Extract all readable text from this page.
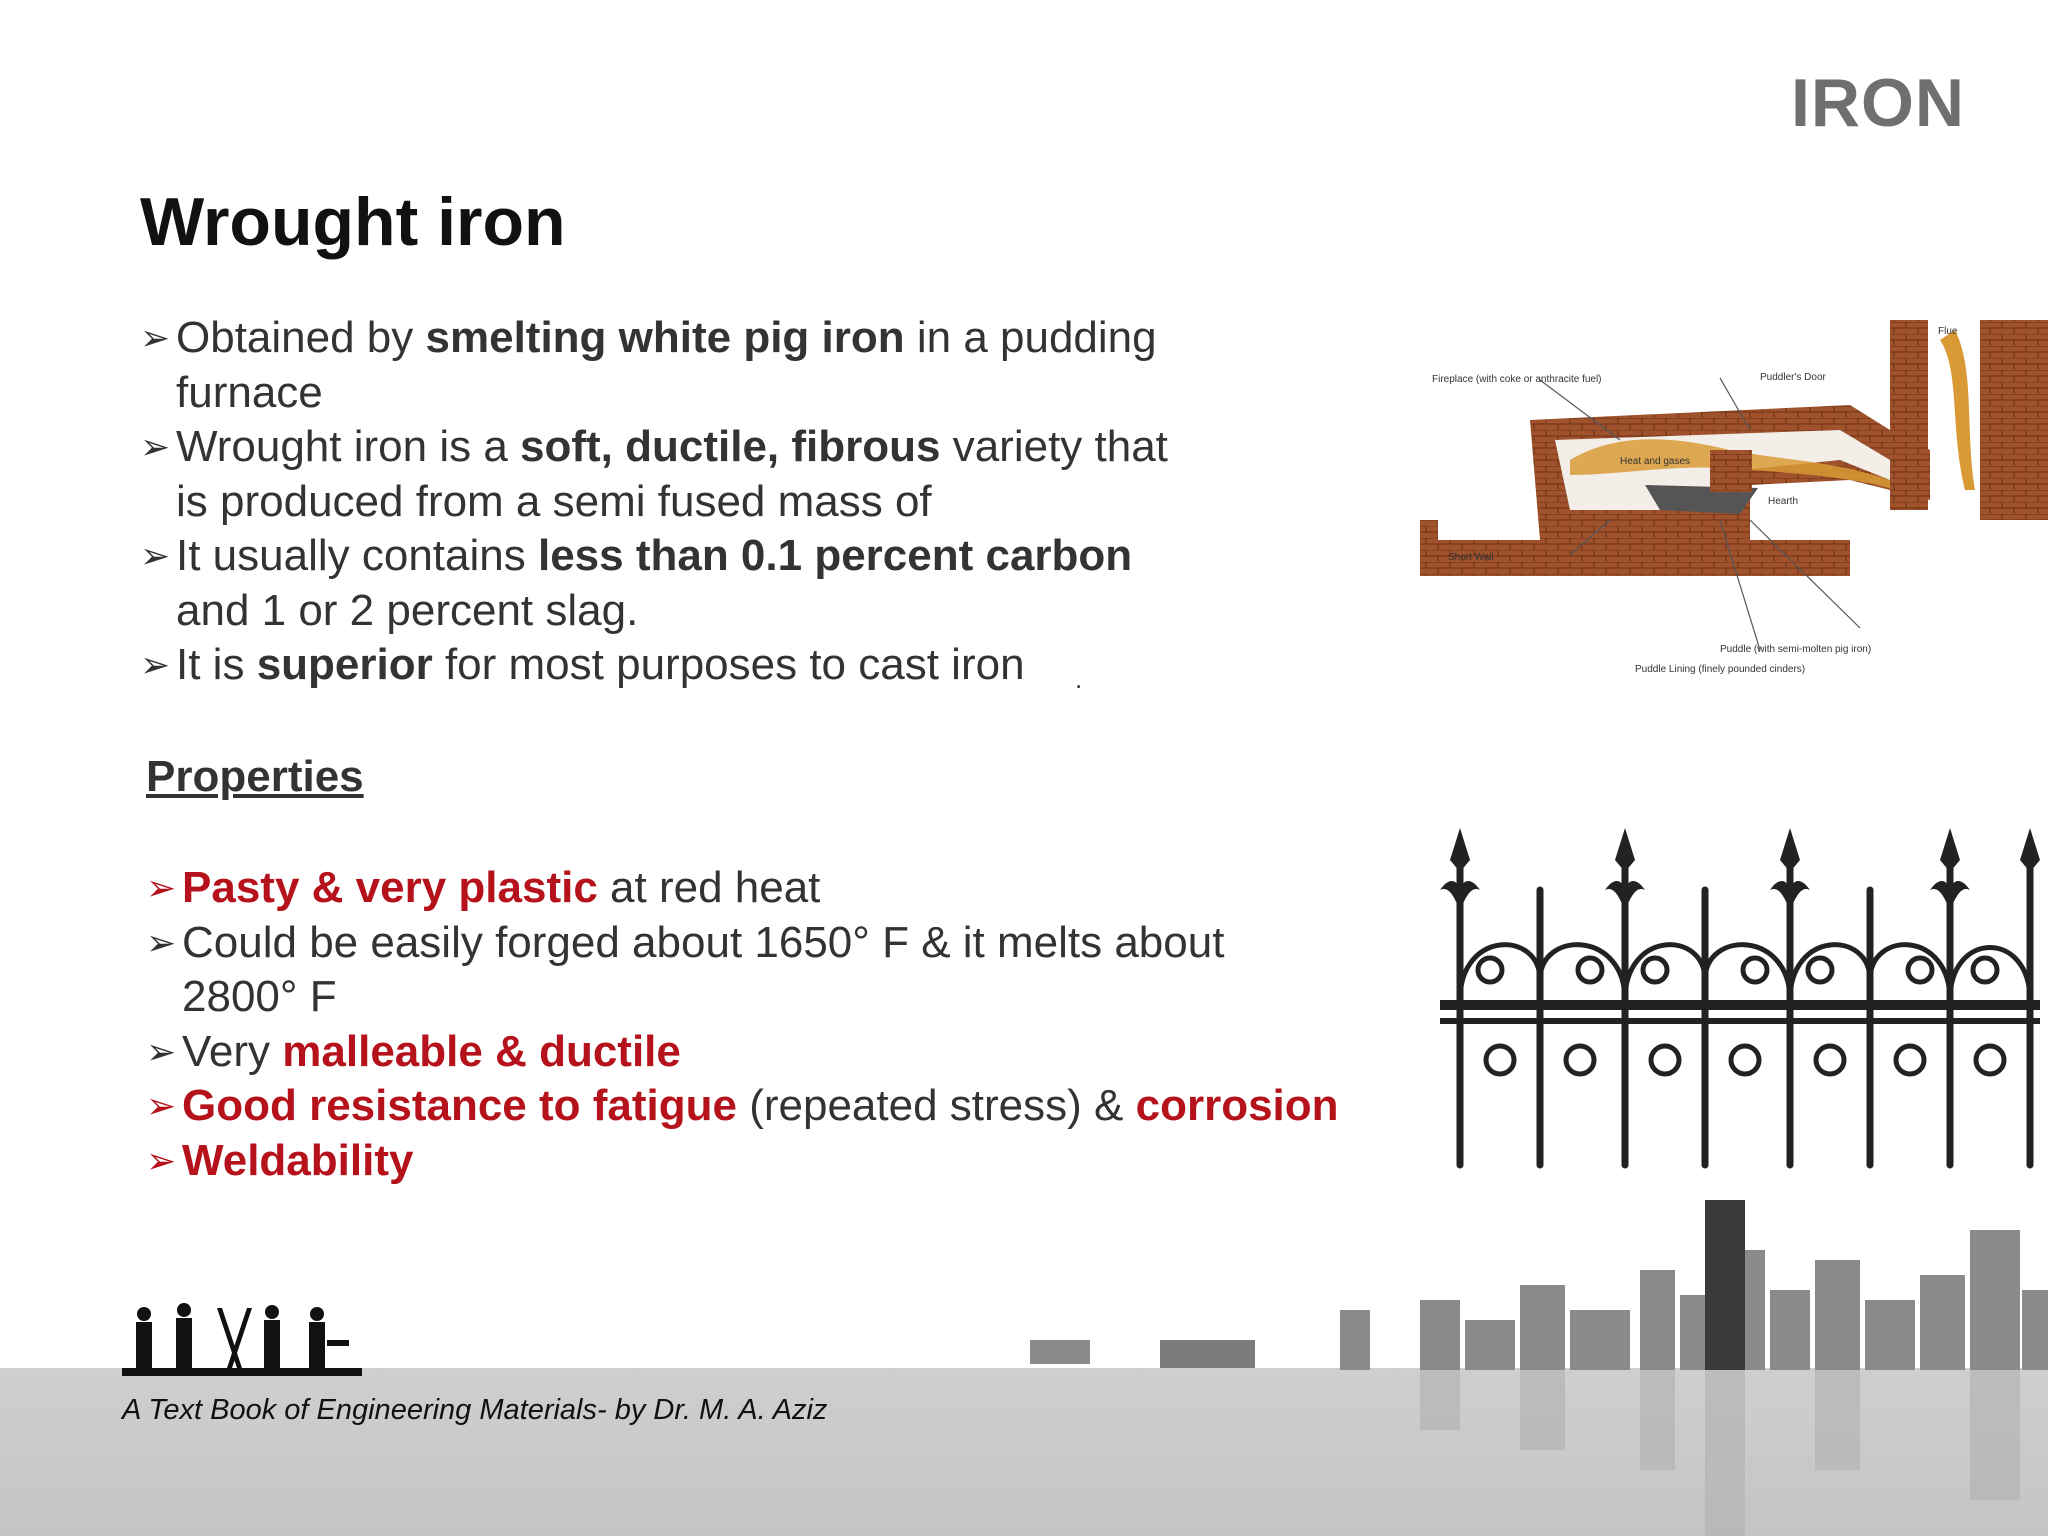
IRON
Wrought iron
➢ Obtained by smelting white pig iron in a pudding
furnace
➢ Wrought iron is a soft, ductile, fibrous variety that
is produced from a semi fused mass of
➢ It usually contains less than 0.1 percent carbon
and 1 or 2 percent slag.
➢ It is superior for most purposes to cast iron	.
Properties
➢ Pasty & very plastic at red heat
➢ Could be easily forged about 1650° F & it melts about
2800° F
➢ Very malleable & ductile
➢ Good resistance to fatigue (repeated stress) & corrosion
➢ Weldability
Fireplace (with coke or anthracite fuel)	Puddler's Door
Flue
Heat and gases
Hearth
Short Wall
Puddle (with semi-molten pig iron)
Puddle Lining (finely pounded cinders)
A Text Book of Engineering Materials- by Dr. M. A. Aziz
